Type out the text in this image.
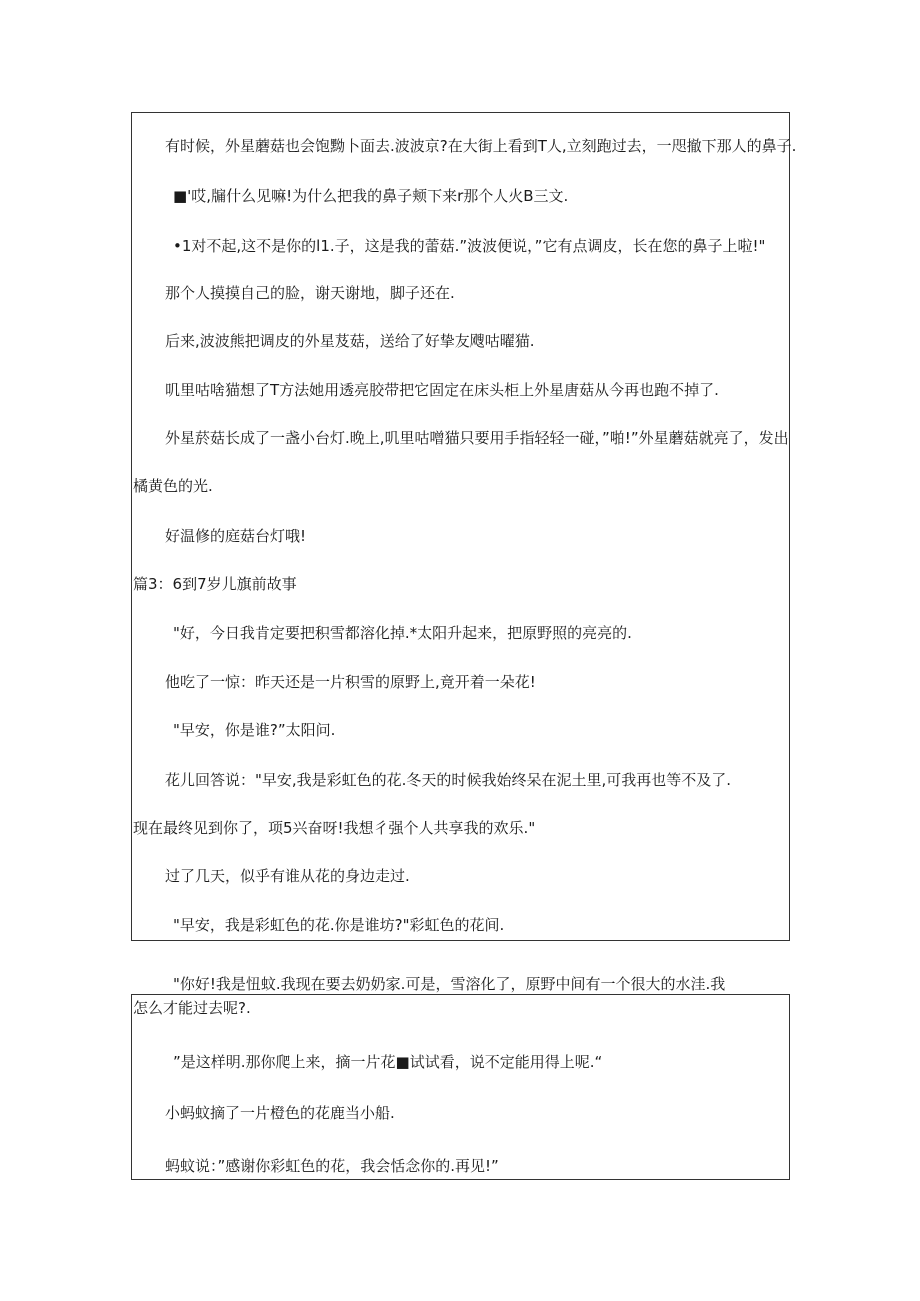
有时候，外星蘑菇也会饱黝卜面去.波波京?在大街上看到T人,立刻跑过去，一咫撤下那人的鼻子.

■'哎,牖什么见嘛!为什么把我的鼻子颊下来r那个人火B三文.

•1对不起,这不是你的l1.子，这是我的蕾菇.”波波便说，”它有点调皮，长在您的鼻子上啦!"

那个人摸摸自己的脸，谢天谢地，脚子还在.

后来,波波熊把调皮的外星芨菇，送给了好挚友飕咕曜猫.

叽里咕啥猫想了T方法她用透亮胶带把它固定在床头柜上外星唐菇从今再也跑不掉了.

外星菸菇长成了一盏小台灯.晚上,叽里咕噌猫只要用手指轻轻一碰，”啪!”外星蘑菇就亮了，发出

橘黄色的光.

好温修的庭菇台灯哦!

篇3：6到7岁儿旗前故事

"好，今日我肯定要把积雪都溶化掉.*太阳升起来，把原野照的亮亮的.

他吃了一惊：昨天还是一片积雪的原野上,竟开着一朵花!

"早安，你是谁?”太阳问.

花儿回答说："早安,我是彩虹色的花.冬天的时候我始终呆在泥土里,可我再也等不及了.

现在最终见到你了，项5兴奋呀!我想彳强个人共享我的欢乐."

过了几天，似乎有谁从花的身边走过.

"早安，我是彩虹色的花.你是谁坊?"彩虹色的花间.

"你好!我是忸蚊.我现在要去奶奶家.可是，雪溶化了，原野中间有一个很大的水洼.我

怎么才能过去呢?.

”是这样明.那你爬上来，摘一片花■试试看，说不定能用得上呢.“

小蚂蚊摘了一片橙色的花鹿当小船.

蚂蚊说：”感谢你彩虹色的花，我会恬念你的.再见!”
